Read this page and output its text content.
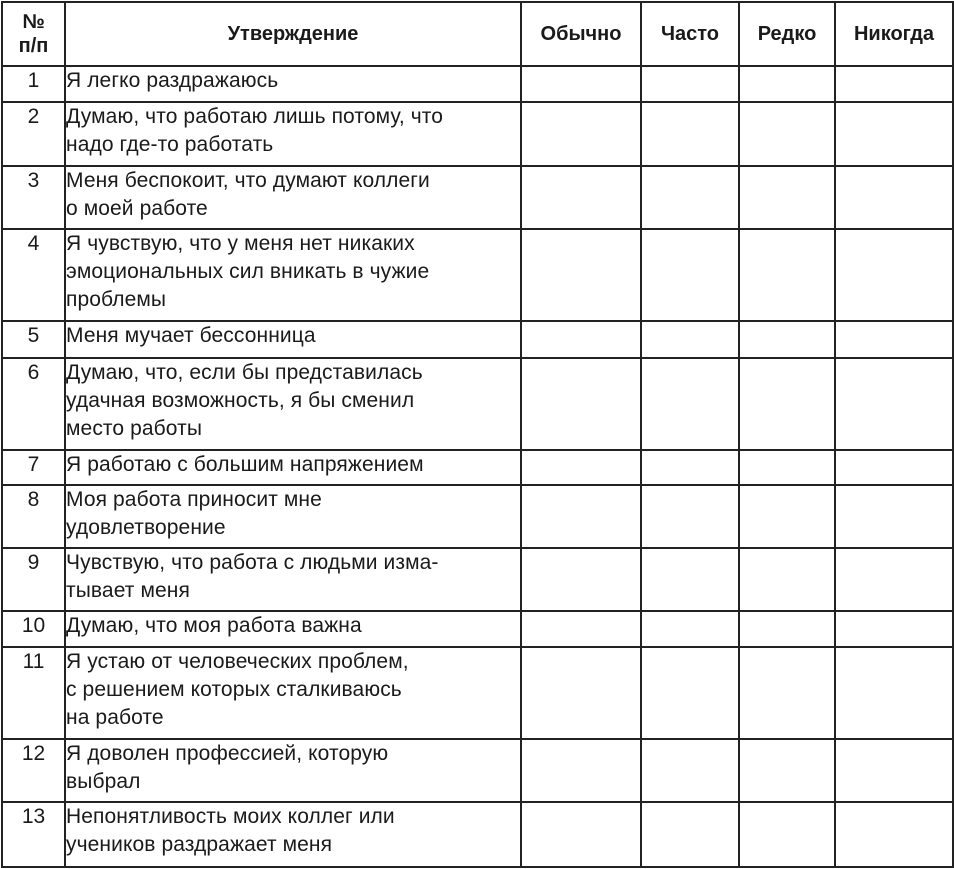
№
п/п	Утверждение	Обычно	Часто	Редко	Никогда
1	Я легко раздражаюсь				

2	Думаю, что работаю лишь потому, что
надо где-то работать				

3	Меня беспокоит, что думают коллеги
о моей работе				

4	Я чувствую, что у меня нет никаких
эмоциональных сил вникать в чужие
проблемы				

5	Меня мучает бессонница				

6	Думаю, что, если бы представилась
удачная возможность, я бы сменил
место работы				

7	Я работаю с большим напряжением				

8	Моя работа приносит мне
удовлетворение				

9	Чувствую, что работа с людьми изма-
тывает меня				

10	Думаю, что моя работа важна				

11	Я устаю от человеческих проблем,
с решением которых сталкиваюсь
на работе				

12	Я доволен профессией, которую
выбрал				

13	Непонятливость моих коллег или
учеников раздражает меня				
